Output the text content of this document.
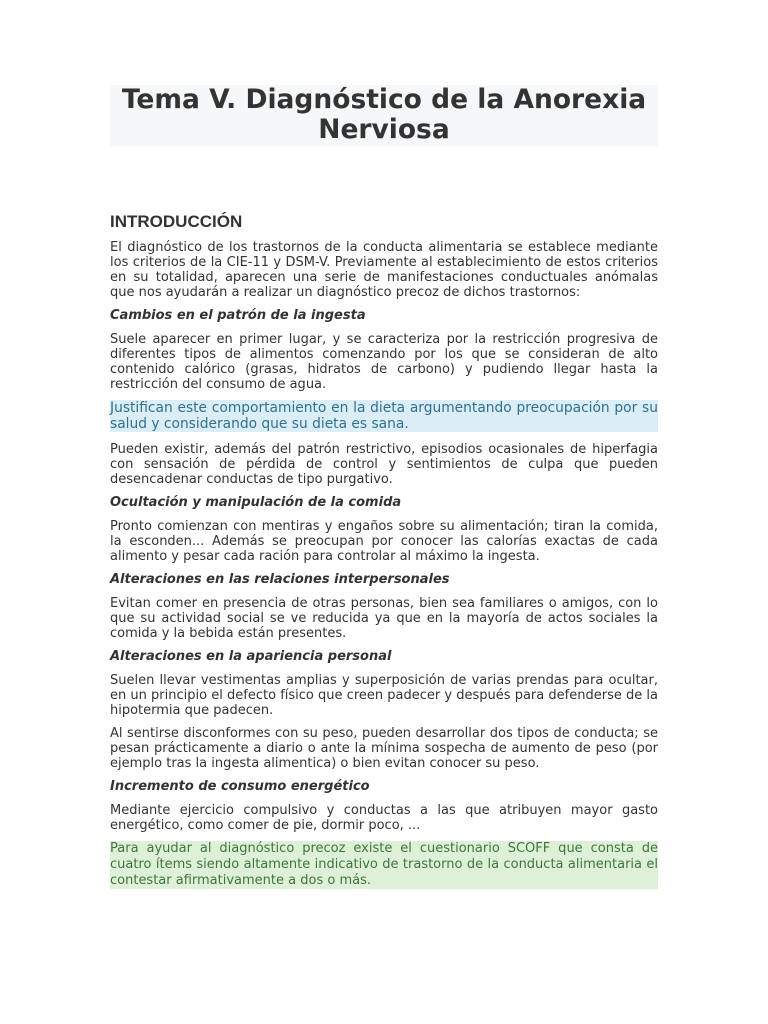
Tema V. Diagnóstico de la Anorexia Nerviosa
INTRODUCCIÓN

El diagnóstico de los trastornos de la conducta alimentaria se establece mediante los criterios de la CIE-11 y DSM-V. Previamente al establecimiento de estos criterios en su totalidad, aparecen una serie de manifestaciones conductuales anómalas que nos ayudarán a realizar un diagnóstico precoz de dichos trastornos:

Cambios en el patrón de la ingesta

Suele aparecer en primer lugar, y se caracteriza por la restricción progresiva de diferentes tipos de alimentos comenzando por los que se consideran de alto contenido calórico (grasas, hidratos de carbono) y pudiendo llegar hasta la restricción del consumo de agua.

Justifican este comportamiento en la dieta argumentando preocupación por su salud y considerando que su dieta es sana.

Pueden existir, además del patrón restrictivo, episodios ocasionales de hiperfagia con sensación de pérdida de control y sentimientos de culpa que pueden desencadenar conductas de tipo purgativo.

Ocultación y manipulación de la comida

Pronto comienzan con mentiras y engaños sobre su alimentación; tiran la comida, la esconden... Además se preocupan por conocer las calorías exactas de cada alimento y pesar cada ración para controlar al máximo la ingesta.

Alteraciones en las relaciones interpersonales

Evitan comer en presencia de otras personas, bien sea familiares o amigos, con lo que su actividad social se ve reducida ya que en la mayoría de actos sociales la comida y la bebida están presentes.

Alteraciones en la apariencia personal

Suelen llevar vestimentas amplias y superposición de varias prendas para ocultar, en un principio el defecto físico que creen padecer y después para defenderse de la hipotermia que padecen.

Al sentirse disconformes con su peso, pueden desarrollar dos tipos de conducta; se pesan prácticamente a diario o ante la mínima sospecha de aumento de peso (por ejemplo tras la ingesta alimentica) o bien evitan conocer su peso.

Incremento de consumo energético

Mediante ejercicio compulsivo y conductas a las que atribuyen mayor gasto energético, como comer de pie, dormir poco, ...

Para ayudar al diagnóstico precoz existe el cuestionario SCOFF que consta de cuatro ítems siendo altamente indicativo de trastorno de la conducta alimentaria el contestar afirmativamente a dos o más.
